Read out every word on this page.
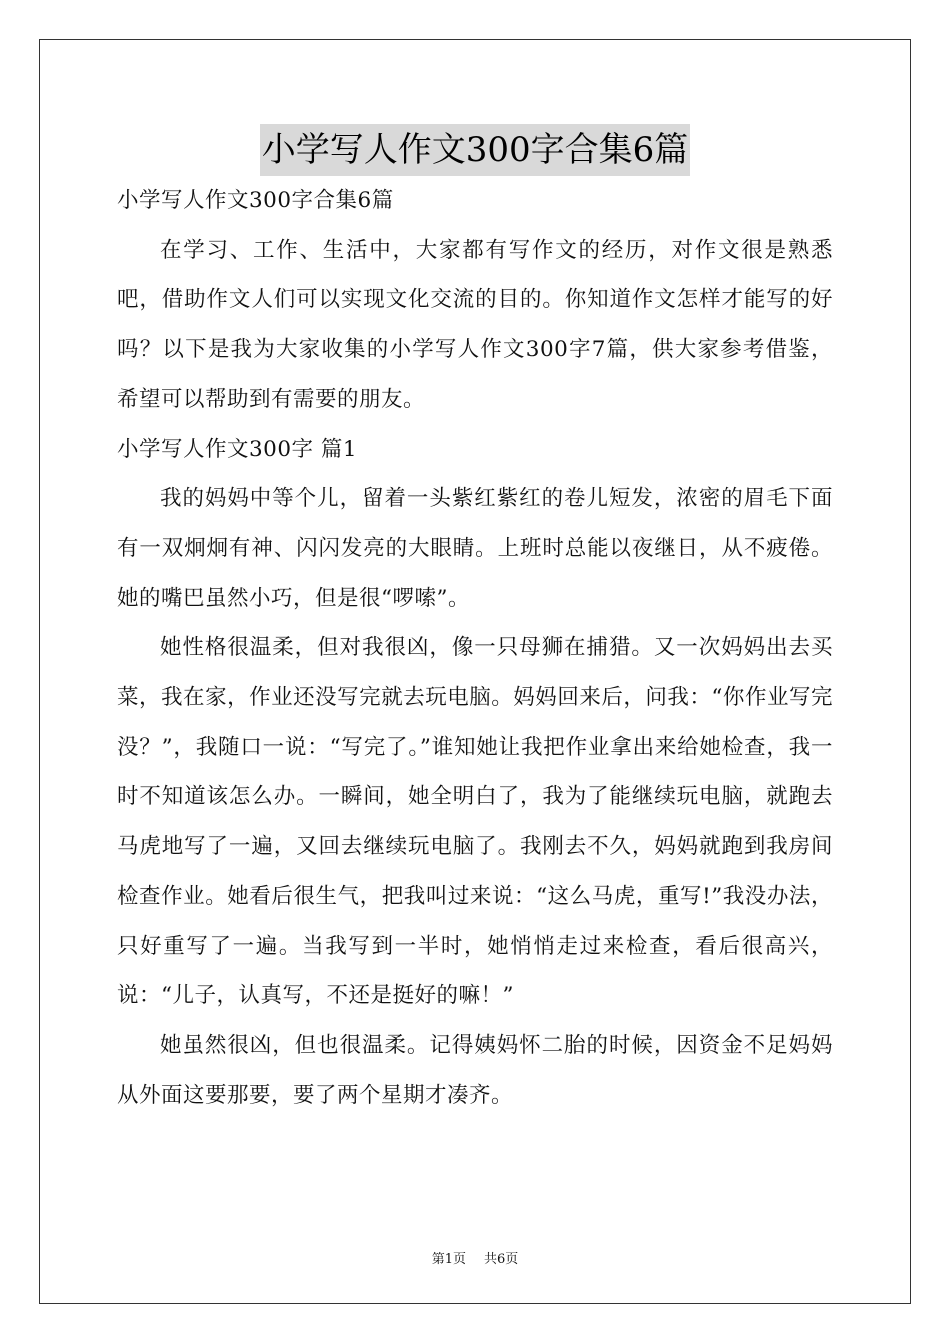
小学写人作文300字合集6篇

小学写人作文300字合集6篇

在学习、工作、生活中，大家都有写作文的经历，对作文很是熟悉吧，借助作文人们可以实现文化交流的目的。你知道作文怎样才能写的好吗？以下是我为大家收集的小学写人作文300字7篇，供大家参考借鉴，希望可以帮助到有需要的朋友。

小学写人作文300字 篇1

我的妈妈中等个儿，留着一头紫红紫红的卷儿短发，浓密的眉毛下面有一双炯炯有神、闪闪发亮的大眼睛。上班时总能以夜继日，从不疲倦。她的嘴巴虽然小巧，但是很“啰嗦”。

她性格很温柔，但对我很凶，像一只母狮在捕猎。又一次妈妈出去买菜，我在家，作业还没写完就去玩电脑。妈妈回来后，问我：“你作业写完没？”，我随口一说：“写完了。”谁知她让我把作业拿出来给她检查，我一时不知道该怎么办。一瞬间，她全明白了，我为了能继续玩电脑，就跑去马虎地写了一遍，又回去继续玩电脑了。我刚去不久，妈妈就跑到我房间检查作业。她看后很生气，把我叫过来说：“这么马虎，重写!”我没办法，只好重写了一遍。当我写到一半时，她悄悄走过来检查，看后很高兴，说：“儿子，认真写，不还是挺好的嘛！”

她虽然很凶，但也很温柔。记得姨妈怀二胎的时候，因资金不足妈妈从外面这要那要，要了两个星期才凑齐。

第1页 共6页
